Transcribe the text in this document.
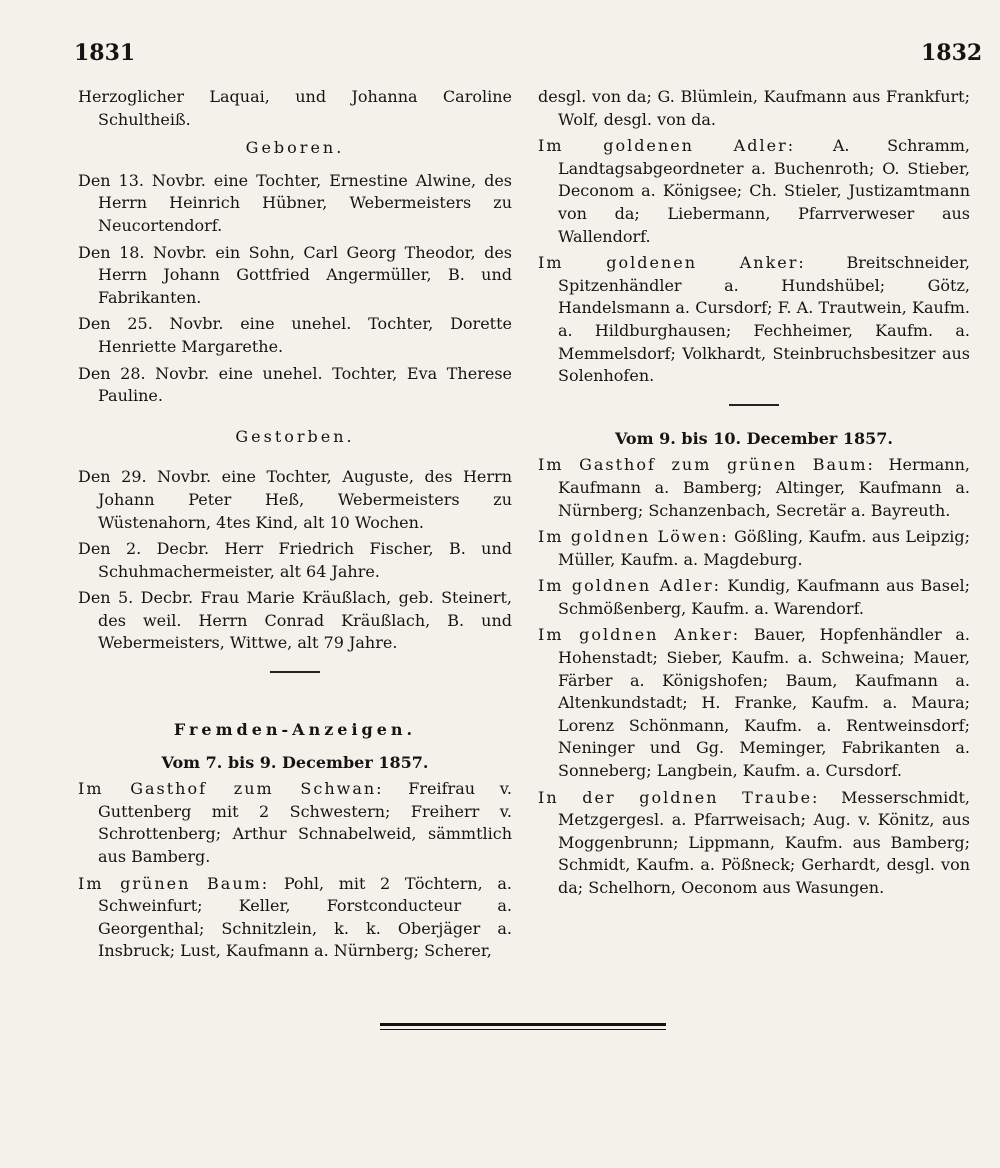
1831	1832

Herzoglicher Laquai, und Johanna Caroline Schultheiß.

Geboren.

Den 13. Novbr. eine Tochter, Ernestine Alwine, des Herrn Heinrich Hübner, Webermeisters zu Neucortendorf.

Den 18. Novbr. ein Sohn, Carl Georg Theodor, des Herrn Johann Gottfried Angermüller, B. und Fabrikanten.

Den 25. Novbr. eine unehel. Tochter, Dorette Henriette Margarethe.

Den 28. Novbr. eine unehel. Tochter, Eva Therese Pauline.

Gestorben.

Den 29. Novbr. eine Tochter, Auguste, des Herrn Johann Peter Heß, Webermeisters zu Wüstenahorn, 4tes Kind, alt 10 Wochen.

Den 2. Decbr. Herr Friedrich Fischer, B. und Schuhmachermeister, alt 64 Jahre.

Den 5. Decbr. Frau Marie Kräußlach, geb. Steinert, des weil. Herrn Conrad Kräußlach, B. und Webermeisters, Wittwe, alt 79 Jahre.

Fremden-Anzeigen.
Vom 7. bis 9. December 1857.

Im Gasthof zum Schwan: Freifrau v. Guttenberg mit 2 Schwestern; Freiherr v. Schrottenberg; Arthur Schnabelweid, sämmtlich aus Bamberg.

Im grünen Baum: Pohl, mit 2 Töchtern, a. Schweinfurt; Keller, Forstconducteur a. Georgenthal; Schnitzlein, k. k. Oberjäger a. Insbruck; Lust, Kaufmann a. Nürnberg; Scherer,

desgl. von da; G. Blümlein, Kaufmann aus Frankfurt; Wolf, desgl. von da.

Im goldenen Adler: A. Schramm, Landtagsabgeordneter a. Buchenroth; O. Stieber, Deconom a. Königsee; Ch. Stieler, Justizamtmann von da; Liebermann, Pfarrverweser aus Wallendorf.

Im goldenen Anker: Breitschneider, Spitzenhändler a. Hundshübel; Götz, Handelsmann a. Cursdorf; F. A. Trautwein, Kaufm. a. Hildburghausen; Fechheimer, Kaufm. a. Memmelsdorf; Volkhardt, Steinbruchsbesitzer aus Solenhofen.

Vom 9. bis 10. December 1857.

Im Gasthof zum grünen Baum: Hermann, Kaufmann a. Bamberg; Altinger, Kaufmann a. Nürnberg; Schanzenbach, Secretär a. Bayreuth.

Im goldnen Löwen: Gößling, Kaufm. aus Leipzig; Müller, Kaufm. a. Magdeburg.

Im goldnen Adler: Kundig, Kaufmann aus Basel; Schmößenberg, Kaufm. a. Warendorf.

Im goldnen Anker: Bauer, Hopfenhändler a. Hohenstadt; Sieber, Kaufm. a. Schweina; Mauer, Färber a. Königshofen; Baum, Kaufmann a. Altenkundstadt; H. Franke, Kaufm. a. Maura; Lorenz Schönmann, Kaufm. a. Rentweinsdorf; Neninger und Gg. Meminger, Fabrikanten a. Sonneberg; Langbein, Kaufm. a. Cursdorf.

In der goldnen Traube: Messerschmidt, Metzgergesl. a. Pfarrweisach; Aug. v. Könitz, aus Moggenbrunn; Lippmann, Kaufm. aus Bamberg; Schmidt, Kaufm. a. Pößneck; Gerhardt, desgl. von da; Schelhorn, Oeconom aus Wasungen.
